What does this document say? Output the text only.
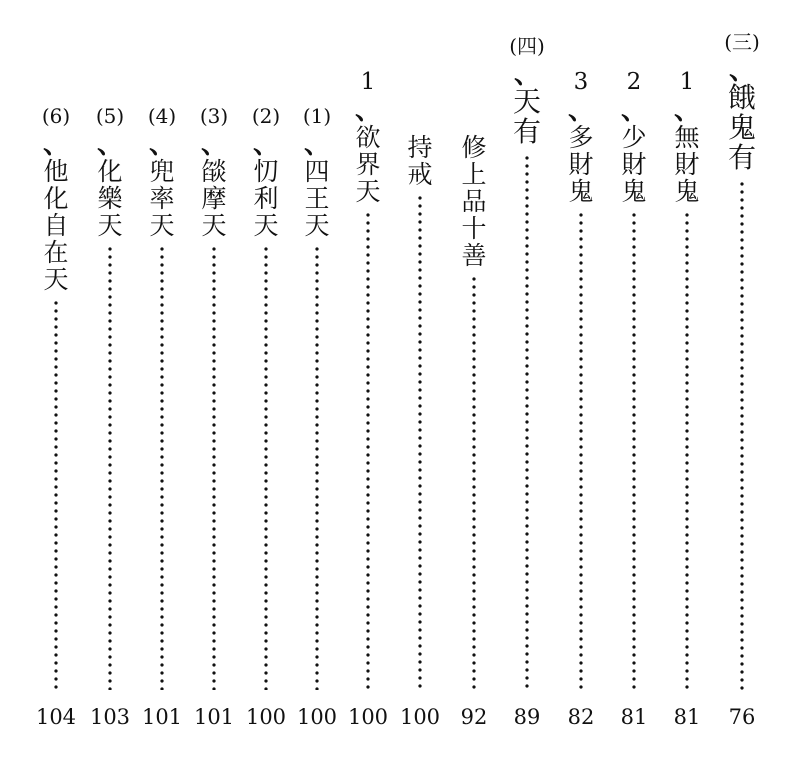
(三)
、
餓
鬼
有
76
1
、
無
財
鬼
81
2
、
少
財
鬼
81
3
、
多
財
鬼
82
(四)
、
天
有
89
修
上
品
十
善
92
持
戒
100
1
、
欲
界
天
100
(1)
、
四
王
天
100
(2)
、
忉
利
天
100
(3)
、
燄
摩
天
101
(4)
、
兜
率
天
101
(5)
、
化
樂
天
103
(6)
、
他
化
自
在
天
104
